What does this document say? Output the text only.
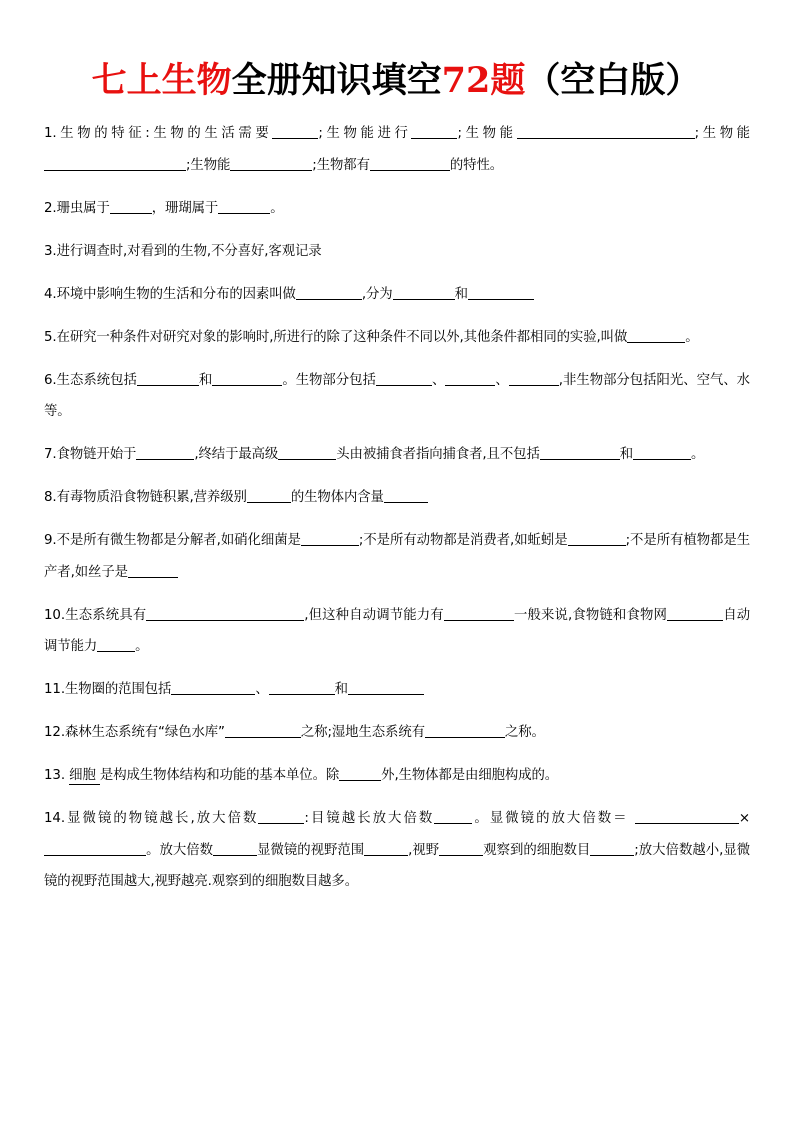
七上生物全册知识填空72题（空白版）

1.生物的特征:生物的生活需要	;生物能进行	;生物能	;生物能;生物能	;生物都有	的特性。

2.珊虫属于	，珊瑚属于	。

3.进行调查时,对看到的生物,不分喜好,客观记录

4.环境中影响生物的生活和分布的因素叫做	,分为	和

5.在研究一种条件对研究对象的影响时,所进行的除了这种条件不同以外,其他条件都相同的实验,叫做	。

6.生态系统包括	和	。生物部分包括	、	、	,非生物部分包括阳光、空气、水等。

7.食物链开始于	,终结于最高级	头由被捕食者指向捕食者,且不包括	和	。

8.有毒物质沿食物链积累,营养级别	的生物体内含量

9.不是所有微生物都是分解者,如硝化细菌是	;不是所有动物都是消费者,如蚯蚓是	;不是所有植物都是生产者,如丝子是

10.生态系统具有	,但这种自动调节能力有	一般来说,食物链和食物网	自动调节能力	。

11.生物圈的范围包括	、	和

12.森林生态系统有“绿色水库”	之称;湿地生态系统有	之称。

13. 细胞 是构成生物体结构和功能的基本单位。除	外,生物体都是由细胞构成的。

14.显微镜的物镜越长,放大倍数	:目镜越长放大倍数	。显微镜的放大倍数＝	×。放大倍数	显微镜的视野范围	,视野	观察到的细胞数目	;放大倍数越小,显微镜的视野范围越大,视野越亮.观察到的细胞数目越多。
